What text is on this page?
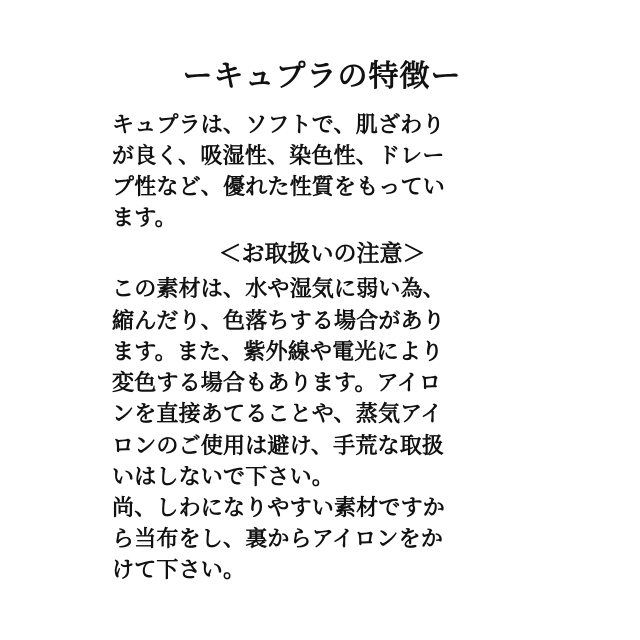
ーキュプラの特徴ー
キュプラは、ソフトで、肌ざわり
が良く、吸湿性、染色性、ドレー
プ性など、優れた性質をもってい
ます。
＜お取扱いの注意＞
この素材は、水や湿気に弱い為、
縮んだり、色落ちする場合があり
ます。また、紫外線や電光により
変色する場合もあります。アイロ
ンを直接あてることや、蒸気アイ
ロンのご使用は避け、手荒な取扱
いはしないで下さい。
尚、しわになりやすい素材ですか
ら当布をし、裏からアイロンをか
けて下さい。
